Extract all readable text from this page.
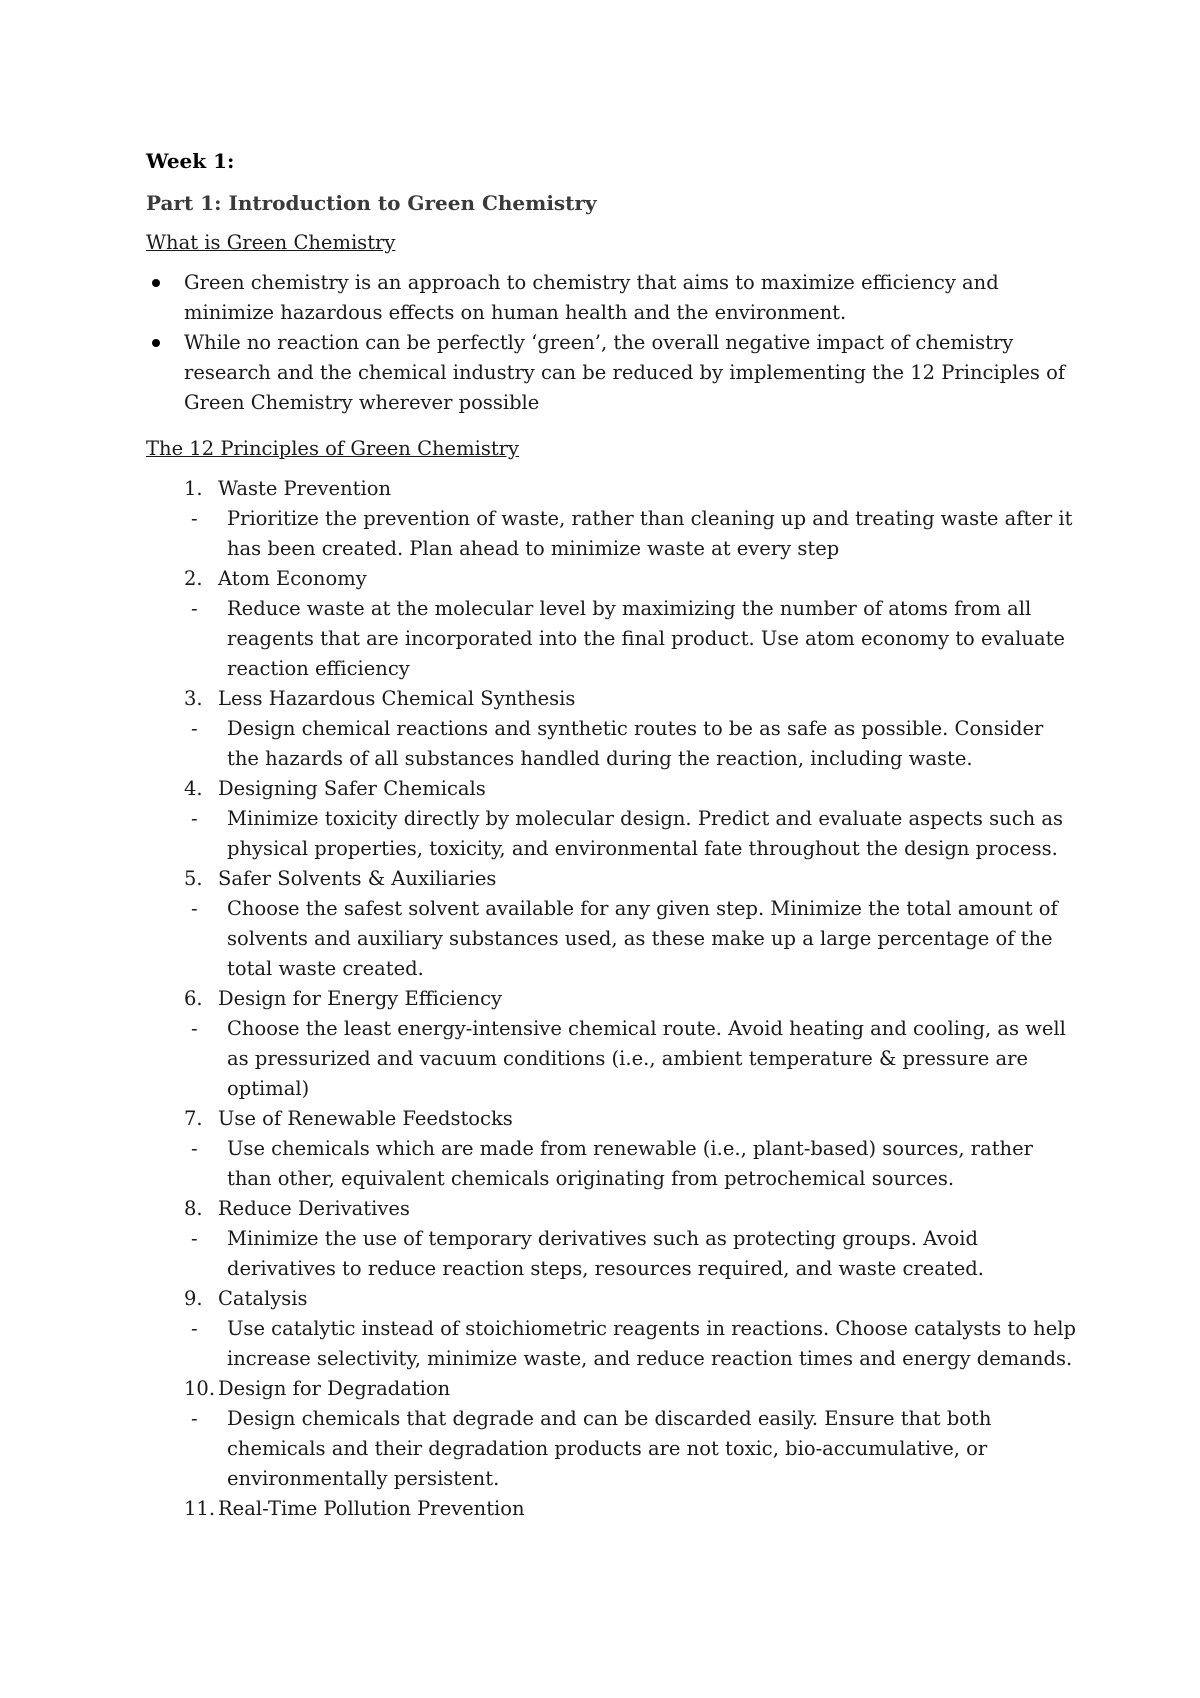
Week 1:
Part 1: Introduction to Green Chemistry
What is Green Chemistry
Green chemistry is an approach to chemistry that aims to maximize efficiency and minimize hazardous effects on human health and the environment.
While no reaction can be perfectly ‘green’, the overall negative impact of chemistry research and the chemical industry can be reduced by implementing the 12 Principles of Green Chemistry wherever possible
The 12 Principles of Green Chemistry
1. Waste Prevention
- Prioritize the prevention of waste, rather than cleaning up and treating waste after it has been created. Plan ahead to minimize waste at every step
2. Atom Economy
- Reduce waste at the molecular level by maximizing the number of atoms from all reagents that are incorporated into the final product. Use atom economy to evaluate reaction efficiency
3. Less Hazardous Chemical Synthesis
- Design chemical reactions and synthetic routes to be as safe as possible. Consider the hazards of all substances handled during the reaction, including waste.
4. Designing Safer Chemicals
- Minimize toxicity directly by molecular design. Predict and evaluate aspects such as physical properties, toxicity, and environmental fate throughout the design process.
5. Safer Solvents & Auxiliaries
- Choose the safest solvent available for any given step. Minimize the total amount of solvents and auxiliary substances used, as these make up a large percentage of the total waste created.
6. Design for Energy Efficiency
- Choose the least energy-intensive chemical route. Avoid heating and cooling, as well as pressurized and vacuum conditions (i.e., ambient temperature & pressure are optimal)
7. Use of Renewable Feedstocks
- Use chemicals which are made from renewable (i.e., plant-based) sources, rather than other, equivalent chemicals originating from petrochemical sources.
8. Reduce Derivatives
- Minimize the use of temporary derivatives such as protecting groups. Avoid derivatives to reduce reaction steps, resources required, and waste created.
9. Catalysis
- Use catalytic instead of stoichiometric reagents in reactions. Choose catalysts to help increase selectivity, minimize waste, and reduce reaction times and energy demands.
10. Design for Degradation
- Design chemicals that degrade and can be discarded easily. Ensure that both chemicals and their degradation products are not toxic, bio-accumulative, or environmentally persistent.
11. Real-Time Pollution Prevention
